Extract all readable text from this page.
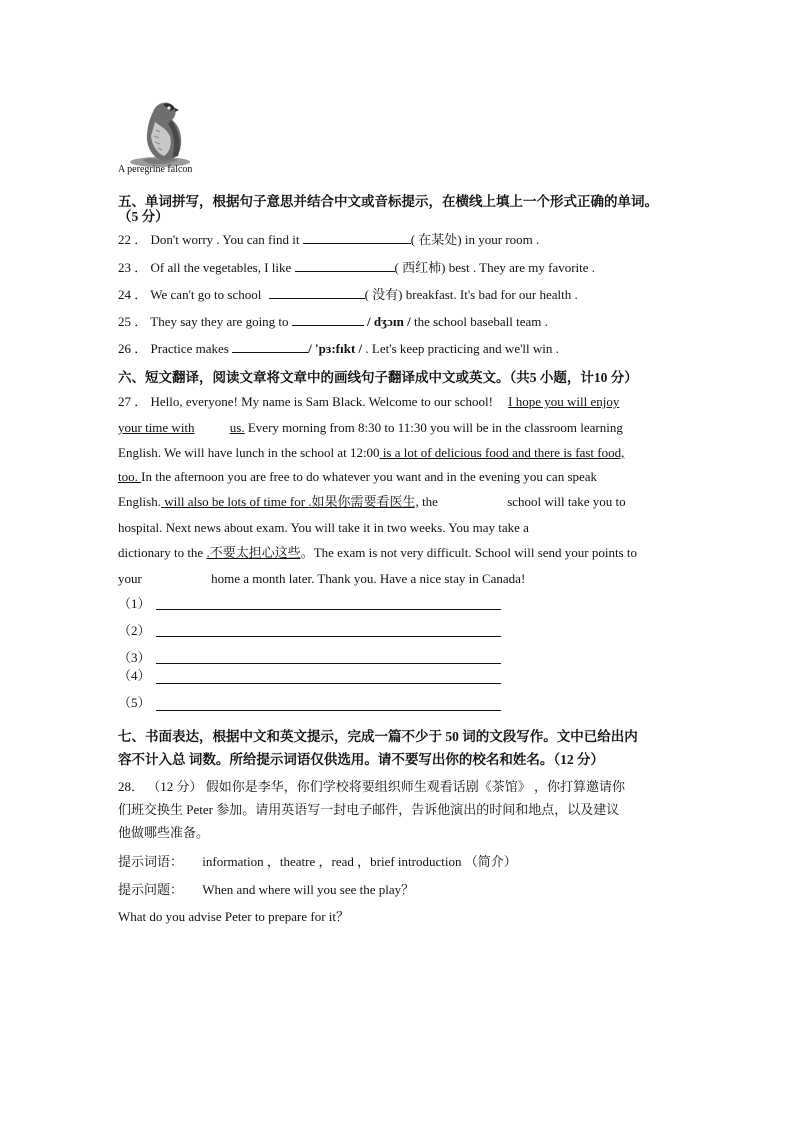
A peregrine falcon
五、单词拼写，根据句子意思并结合中文或音标提示，在横线上填上一个形式正确的单词。
（5 分）
22 ． Don't worry . You can find it	( 在某处) in your room .
23 ． Of all the vegetables, I like	( 西红柿) best . They are my favorite .
24 ． We can't go to school	( 没有) breakfast. It's bad for our health .
25 ． They say they are going to	/ dʒɔɪn / the school baseball team .
26 ． Practice makes	/ 'pɜ:fɪkt / . Let's keep practicing and we'll win .
六、短文翻译，阅读文章将文章中的画线句子翻译成中文或英文。（共5 小题，计10 分）
27 ． Hello, everyone! My name is Sam Black. Welcome to our school! I hope you will enjoy
your time with	us. Every morning from 8:30 to 11:30 you will be in the classroom learning
English. We will have lunch in the school at 12:00 is a lot of delicious food and there is fast food,
too. In the afternoon you are free to do whatever you want and in the evening you can speak
English. will also be lots of time for .如果你需要看医生, the	school will take you to
hospital. Next news about exam. You will take it in two weeks. You may take a
dictionary to the .不要太担心这些。The exam is not very difficult. School will send your points to
your	home a month later. Thank you. Have a nice stay in Canada!
（1）
（2）
（3）
（4）
（5）
七、书面表达，根据中文和英文提示，完成一篇不少于 50 词的文段写作。文中已给出内
容不计入总 词数。所给提示词语仅供选用。请不要写出你的校名和姓名。（12 分）
28． （12 分） 假如你是李华，你们学校将要组织师生观看话剧《茶馆》 ，你打算邀请你
们班交换生 Peter 参加。请用英语写一封电子邮件，告诉他演出的时间和地点，以及建议
他做哪些准备。
提示词语： information ，theatre ，read ，brief introduction （简介）
提示问题： When and where will you see the play？
What do you advise Peter to prepare for it？
